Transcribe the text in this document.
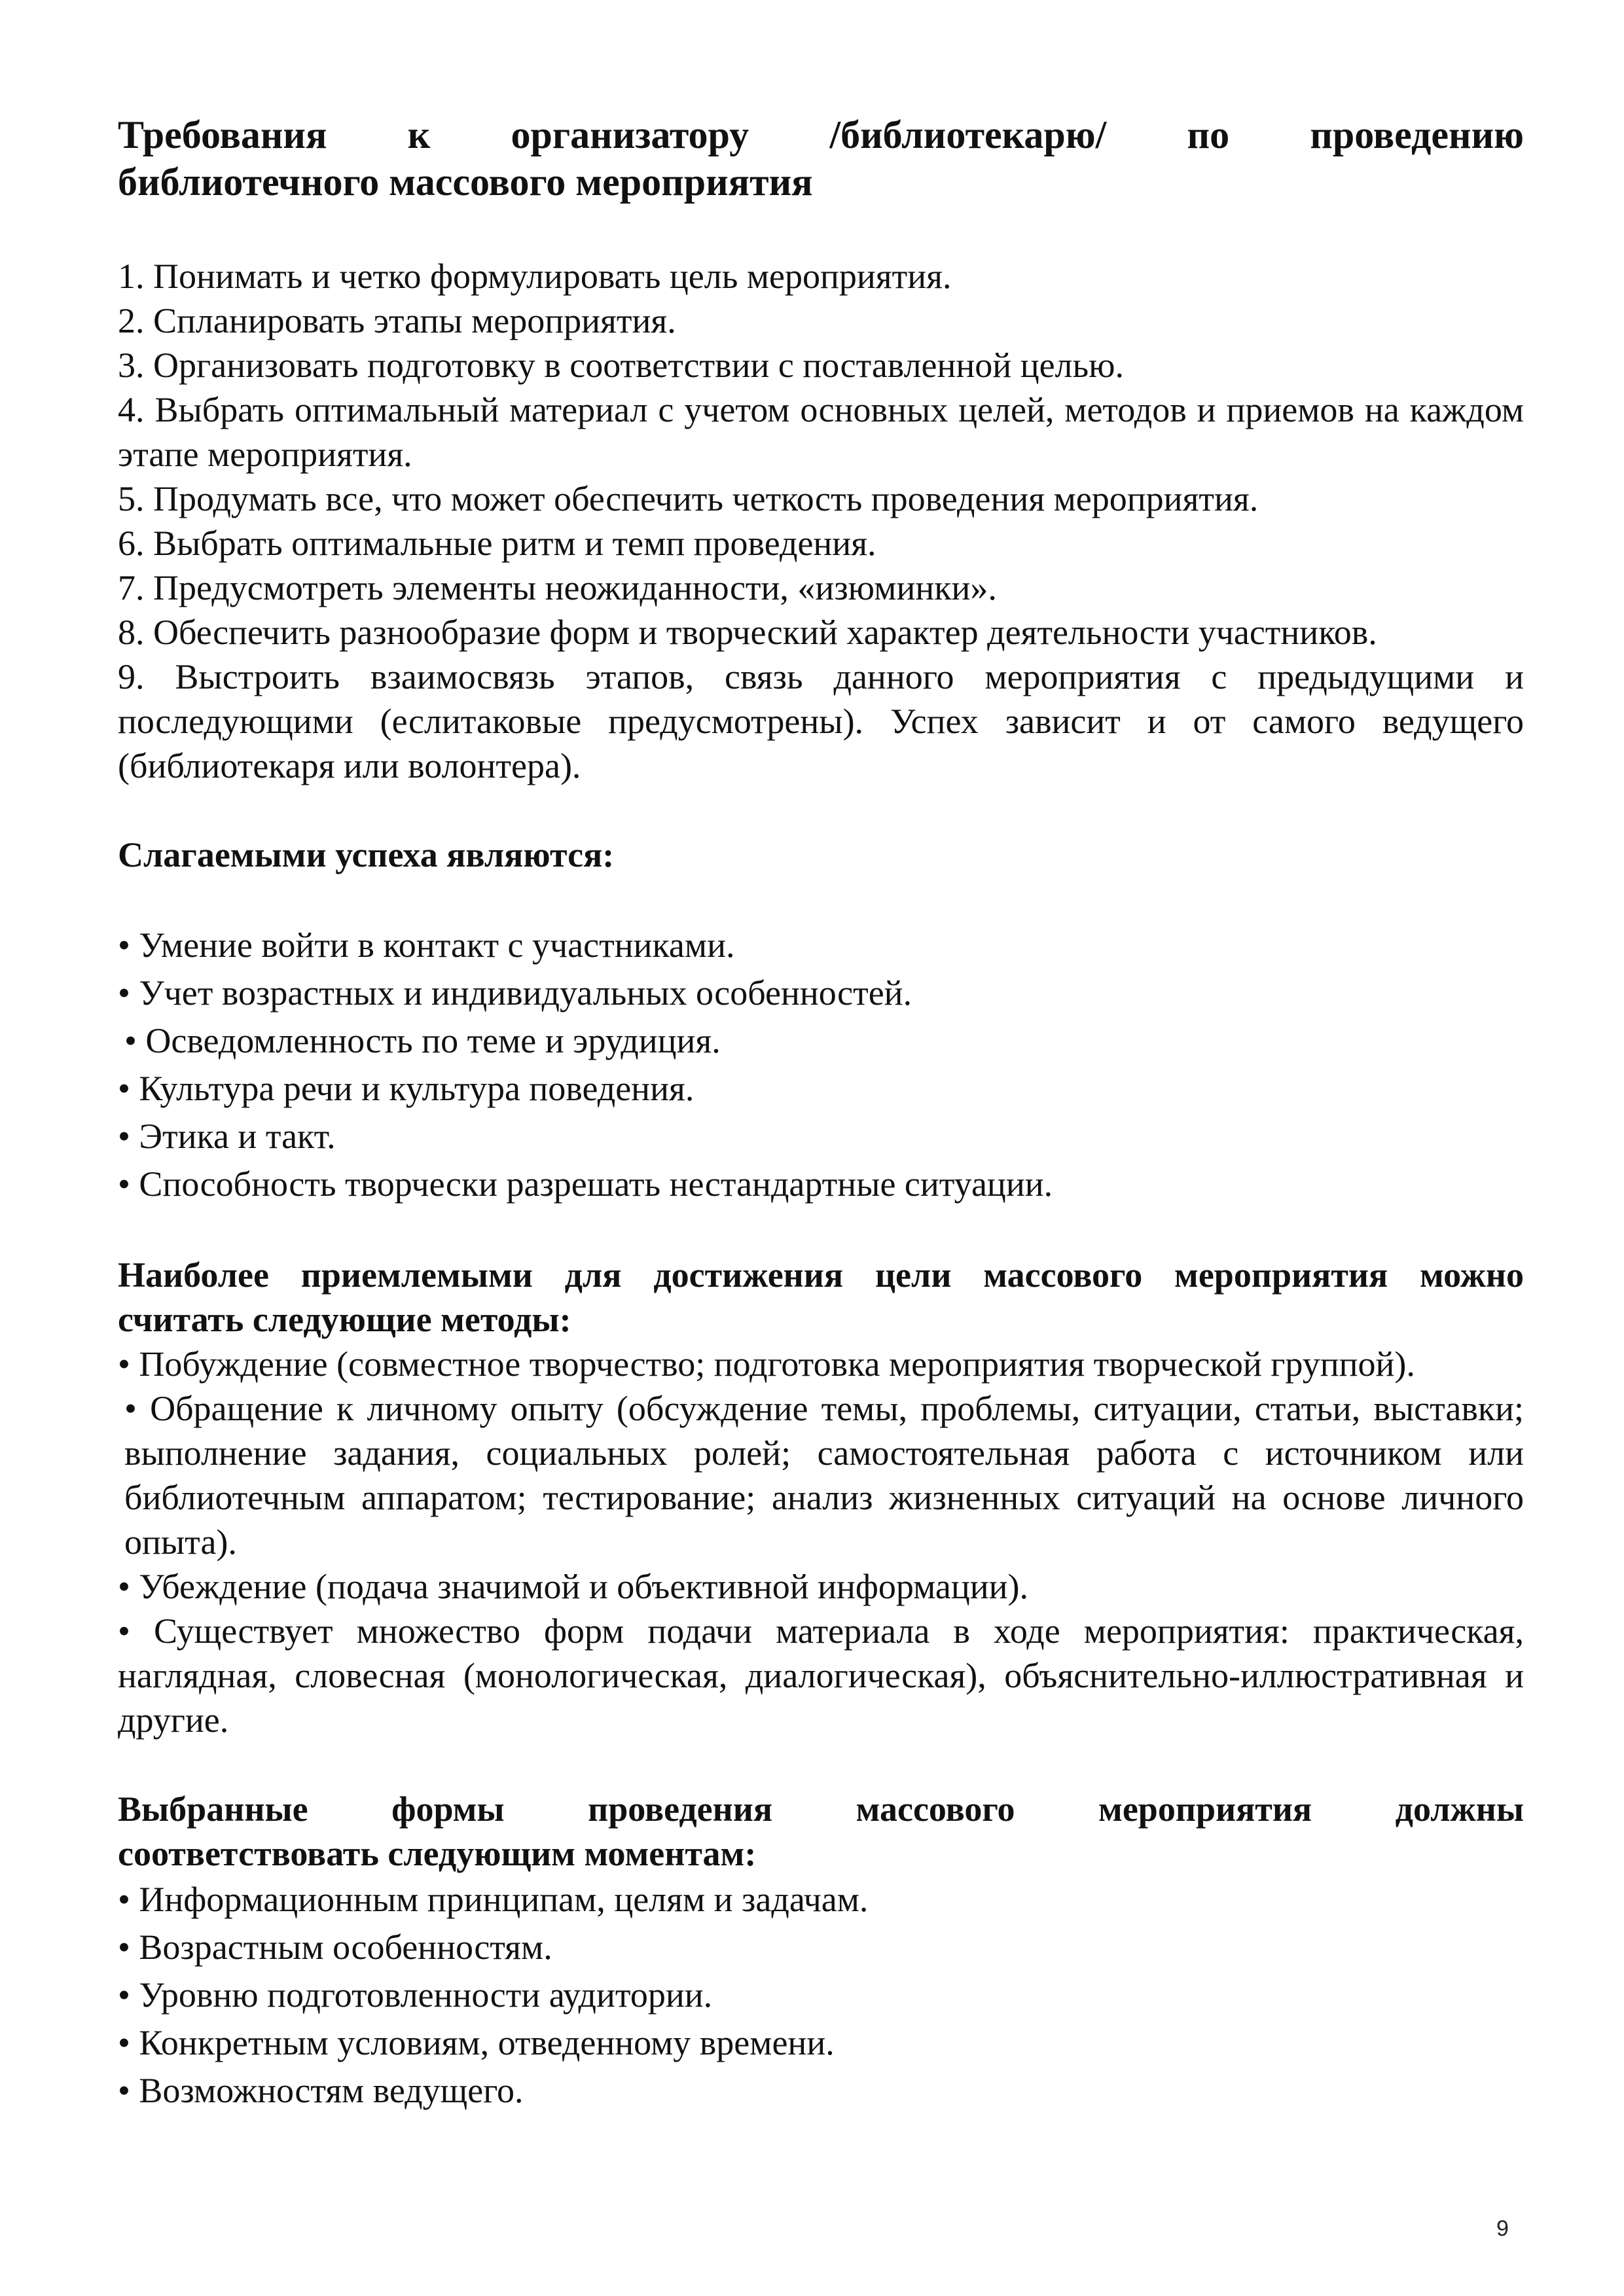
Требования к организатору /библиотекарю/ по проведению
библиотечного массового мероприятия
1. Понимать и четко формулировать цель мероприятия.
2. Спланировать этапы мероприятия.
3. Организовать подготовку в соответствии с поставленной целью.
4. Выбрать оптимальный материал с учетом основных целей, методов и приемов на каждом этапе мероприятия.
5. Продумать все, что может обеспечить четкость проведения мероприятия.
6. Выбрать оптимальные ритм и темп проведения.
7. Предусмотреть элементы неожиданности, «изюминки».
8. Обеспечить разнообразие форм и творческий характер деятельности участников.
9. Выстроить взаимосвязь этапов, связь данного мероприятия с предыдущими и последующими (еслитаковые предусмотрены). Успех зависит и от самого ведущего (библиотекаря или волонтера).

Слагаемыми успеха являются:

• Умение войти в контакт с участниками.
• Учет возрастных и индивидуальных особенностей.
• Осведомленность по теме и эрудиция.
• Культура речи и культура поведения.
• Этика и такт.
• Способность творчески разрешать нестандартные ситуации.

Наиболее приемлемыми для достижения цели массового мероприятия можно
считать следующие методы:

• Побуждение (совместное творчество; подготовка мероприятия творческой группой).
• Обращение к личному опыту (обсуждение темы, проблемы, ситуации, статьи, выставки; выполнение задания, социальных ролей; самостоятельная работа с источником или библиотечным аппаратом; тестирование; анализ жизненных ситуаций на основе личного опыта).
• Убеждение (подача значимой и объективной информации).
• Существует множество форм подачи материала в ходе мероприятия: практическая, наглядная, словесная (монологическая, диалогическая), объяснительно-иллюстративная и другие.

Выбранные формы проведения массового мероприятия должны
соответствовать следующим моментам:

• Информационным принципам, целям и задачам.
• Возрастным особенностям.
• Уровню подготовленности аудитории.
• Конкретным условиям, отведенному времени.
• Возможностям ведущего.
9
